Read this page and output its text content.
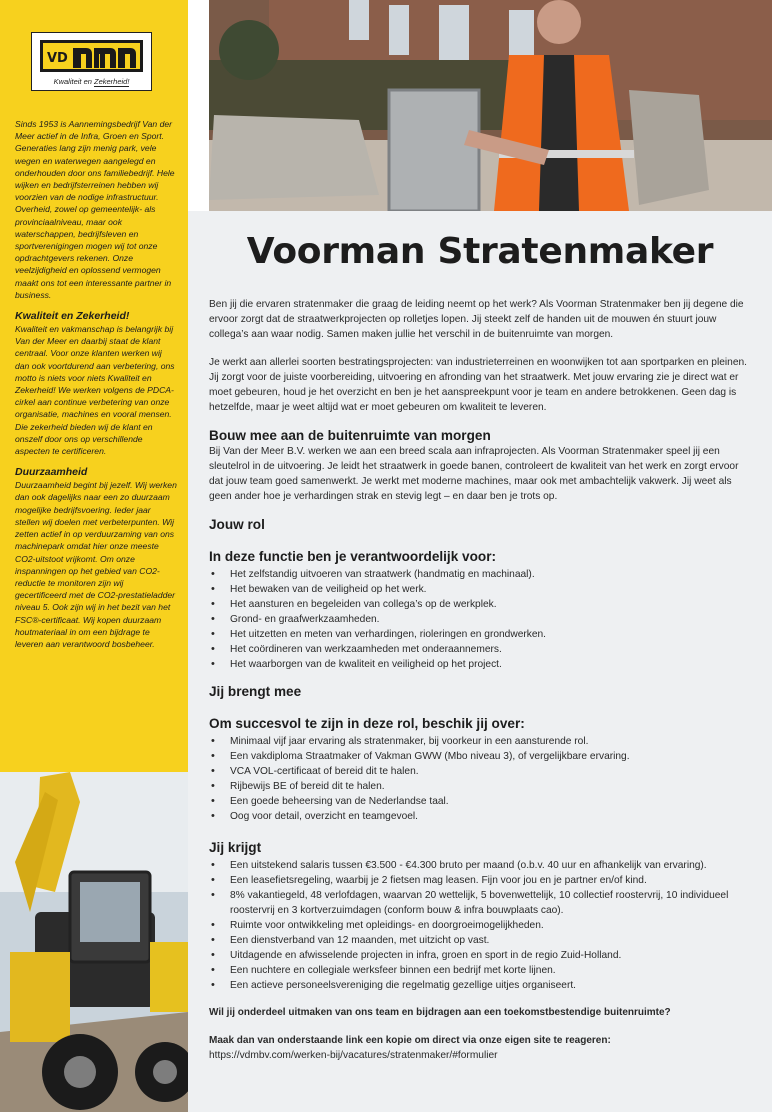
VD
Kwaliteit en Zekerheid!

Sinds 1953 is Aannemingsbedrijf Van der Meer actief in de Infra, Groen en Sport. Generaties lang zijn menig park, vele wegen en waterwegen aangelegd en onderhouden door ons familiebedrijf. Hele wijken en bedrijfsterreinen hebben wij voorzien van de nodige infrastructuur. Overheid, zowel op gemeentelijk- als provinciaalniveau, maar ook waterschappen, bedrijfsleven en sportverenigingen mogen wij tot onze opdrachtgevers rekenen. Onze veelzijdigheid en oplossend vermogen maakt ons tot een interessante partner in business.

Kwaliteit en Zekerheid!

Kwaliteit en vakmanschap is belangrijk bij Van der Meer en daarbij staat de klant centraal. Voor onze klanten werken wij dan ook voortdurend aan verbetering, ons motto is niets voor niets Kwaliteit en Zekerheid! We werken volgens de PDCA-cirkel aan continue verbetering van onze organisatie, machines en vooral mensen. Die zekerheid bieden wij de klant en onszelf door ons op verschillende aspecten te certificeren.

Duurzaamheid

Duurzaamheid begint bij jezelf. Wij werken dan ook dagelijks naar een zo duurzaam mogelijke bedrijfsvoering. Ieder jaar stellen wij doelen met verbeterpunten. Wij zetten actief in op verduurzaming van ons machinepark omdat hier onze meeste CO2-uitstoot vrijkomt. Om onze inspanningen op het gebied van CO2-reductie te monitoren zijn wij gecertificeerd met de CO2-prestatieladder niveau 5. Ook zijn wij in het bezit van het FSC®-certificaat. Wij kopen duurzaam houtmateriaal in om een bijdrage te leveren aan verantwoord bosbeheer.

Voorman Stratenmaker

Ben jij die ervaren stratenmaker die graag de leiding neemt op het werk? Als Voorman Stratenmaker ben jij degene die ervoor zorgt dat de straatwerkprojecten op rolletjes lopen. Jij steekt zelf de handen uit de mouwen én stuurt jouw collega’s aan waar nodig. Samen maken jullie het verschil in de buitenruimte van morgen.

Je werkt aan allerlei soorten bestratingsprojecten: van industrieterreinen en woonwijken tot aan sportparken en pleinen. Jij zorgt voor de juiste voorbereiding, uitvoering en afronding van het straatwerk. Met jouw ervaring zie je direct wat er moet gebeuren, houd je het overzicht en ben je het aanspreekpunt voor je team en andere betrokkenen. Geen dag is hetzelfde, maar je weet altijd wat er moet gebeuren om kwaliteit te leveren.

Bouw mee aan de buitenruimte van morgen

Bij Van der Meer B.V. werken we aan een breed scala aan infraprojecten. Als Voorman Stratenmaker speel jij een sleutelrol in de uitvoering. Je leidt het straatwerk in goede banen, controleert de kwaliteit van het werk en zorgt ervoor dat jouw team goed samenwerkt. Je werkt met moderne machines, maar ook met ambachtelijk vakwerk. Jij weet als geen ander hoe je verhardingen strak en stevig legt – en daar ben je trots op.

Jouw rol
In deze functie ben je verantwoordelijk voor:
• Het zelfstandig uitvoeren van straatwerk (handmatig en machinaal).
• Het bewaken van de veiligheid op het werk.
• Het aansturen en begeleiden van collega’s op de werkplek.
• Grond- en graafwerkzaamheden.
• Het uitzetten en meten van verhardingen, rioleringen en grondwerken.
• Het coördineren van werkzaamheden met onderaannemers.
• Het waarborgen van de kwaliteit en veiligheid op het project.
Jij brengt mee
Om succesvol te zijn in deze rol, beschik jij over:
• Minimaal vijf jaar ervaring als stratenmaker, bij voorkeur in een aansturende rol.
• Een vakdiploma Straatmaker of Vakman GWW (Mbo niveau 3), of vergelijkbare ervaring.
• VCA VOL-certificaat of bereid dit te halen.
• Rijbewijs BE of bereid dit te halen.
• Een goede beheersing van de Nederlandse taal.
• Oog voor detail, overzicht en teamgevoel.
Jij krijgt
• Een uitstekend salaris tussen €3.500 - €4.300 bruto per maand (o.b.v. 40 uur en afhankelijk van ervaring).
• Een leasefietsregeling, waarbij je 2 fietsen mag leasen. Fijn voor jou en je partner en/of kind.
• 8% vakantiegeld, 48 verlofdagen, waarvan 20 wettelijk, 5 bovenwettelijk, 10 collectief roostervrij, 10 individueel roostervrij en 3 kortverzuimdagen (conform bouw & infra bouwplaats cao).
• Ruimte voor ontwikkeling met opleidings- en doorgroeimogelijkheden.
• Een dienstverband van 12 maanden, met uitzicht op vast.
• Uitdagende en afwisselende projecten in infra, groen en sport in de regio Zuid-Holland.
• Een nuchtere en collegiale werksfeer binnen een bedrijf met korte lijnen.
• Een actieve personeelsvereniging die regelmatig gezellige uitjes organiseert.

Wil jij onderdeel uitmaken van ons team en bijdragen aan een toekomstbestendige buitenruimte?

Maak dan van onderstaande link een kopie om direct via onze eigen site te reageren:

https://vdmbv.com/werken-bij/vacatures/stratenmaker/#formulier
